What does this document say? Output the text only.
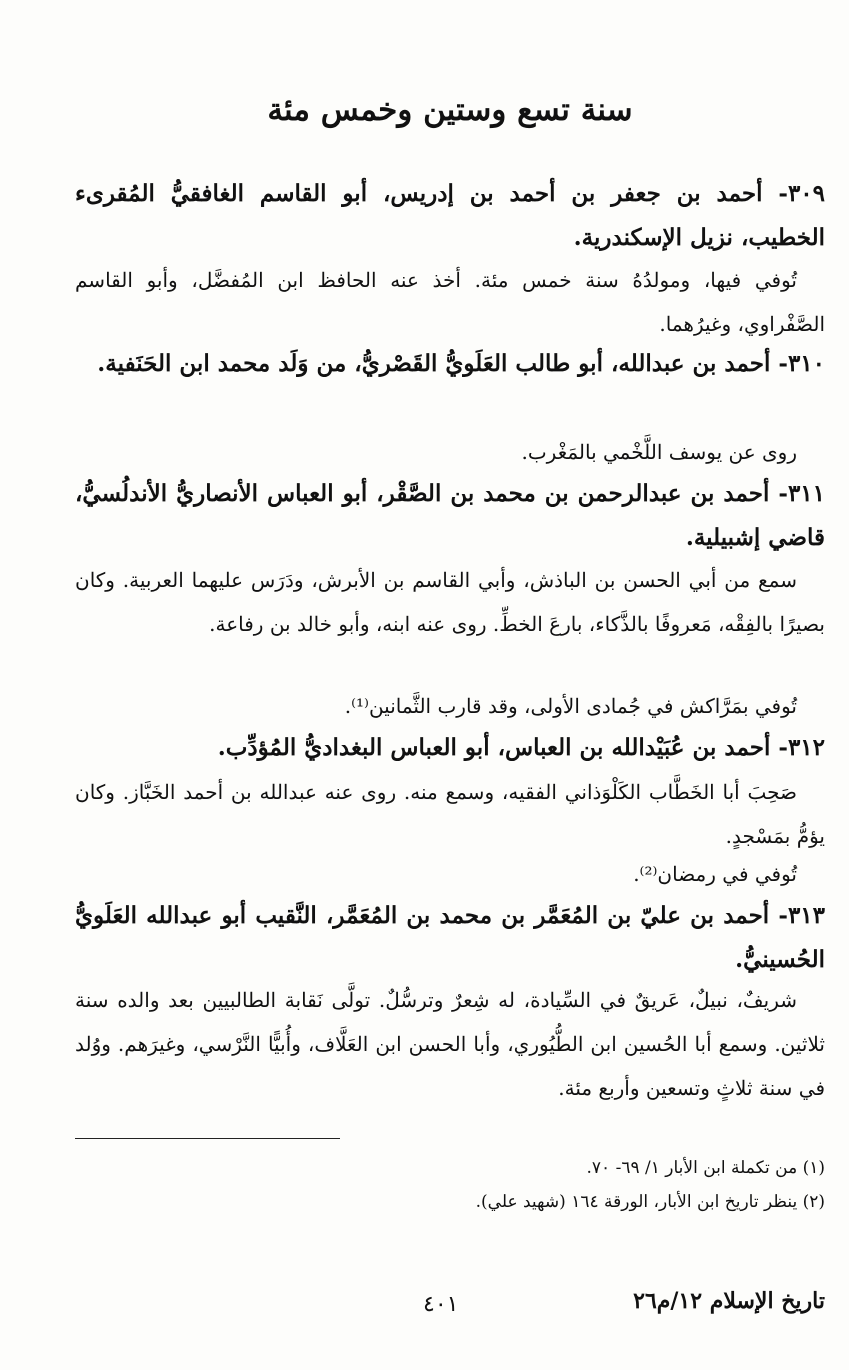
سنة تسع وستين وخمس مئة

٣٠٩- أحمد بن جعفر بن أحمد بن إدريس، أبو القاسم الغافقيُّ المُقرىء الخطيب، نزيل الإسكندرية.

تُوفي فيها، ومولدُهُ سنة خمس مئة. أخذ عنه الحافظ ابن المُفضَّل، وأبو القاسم الصَّفْراوي، وغيرُهما.

٣١٠- أحمد بن عبدالله، أبو طالب العَلَويُّ القَصْريُّ، من وَلَد محمد ابن الحَنَفية.

روى عن يوسف اللَّخْمي بالمَغْرب.

٣١١- أحمد بن عبدالرحمن بن محمد بن الصَّقْر، أبو العباس الأنصاريُّ الأندلُسيُّ، قاضي إشبيلية.

سمع من أبي الحسن بن الباذش، وأبي القاسم بن الأبرش، ودَرَس عليهما العربية. وكان بصيرًا بالفِقْه، مَعروفًا بالذَّكاء، بارعَ الخطِّ. روى عنه ابنه، وأبو خالد بن رفاعة.

تُوفي بمَرَّاكش في جُمادى الأولى، وقد قارب الثَّمانين⁽¹⁾.

٣١٢- أحمد بن عُبَيْدالله بن العباس، أبو العباس البغداديُّ المُؤدِّب.

صَحِبَ أبا الخَطَّاب الكَلْوَذاني الفقيه، وسمع منه. روى عنه عبدالله بن أحمد الخَبَّاز. وكان يؤمُّ بمَسْجدٍ.

تُوفي في رمضان⁽²⁾.

٣١٣- أحمد بن عليّ بن المُعَمَّر بن محمد بن المُعَمَّر، النَّقيب أبو عبدالله العَلَويُّ الحُسينيُّ.

شريفٌ، نبيلٌ، عَريقٌ في السِّيادة، له شِعرٌ وترسُّلٌ. تولَّى نَقابة الطالبيين بعد والده سنة ثلاثين. وسمع أبا الحُسين ابن الطُّيُوري، وأبا الحسن ابن العَلَّاف، وأُبيًّا النَّرْسي، وغيرَهم. ووُلد في سنة ثلاثٍ وتسعين وأربع مئة.

(١) من تكملة ابن الأبار ١/ ٦٩- ٧٠.

(٢) ينظر تاريخ ابن الأبار، الورقة ١٦٤ (شهيد علي).

تاريخ الإسلام ١٢/م٢٦
٤٠١
